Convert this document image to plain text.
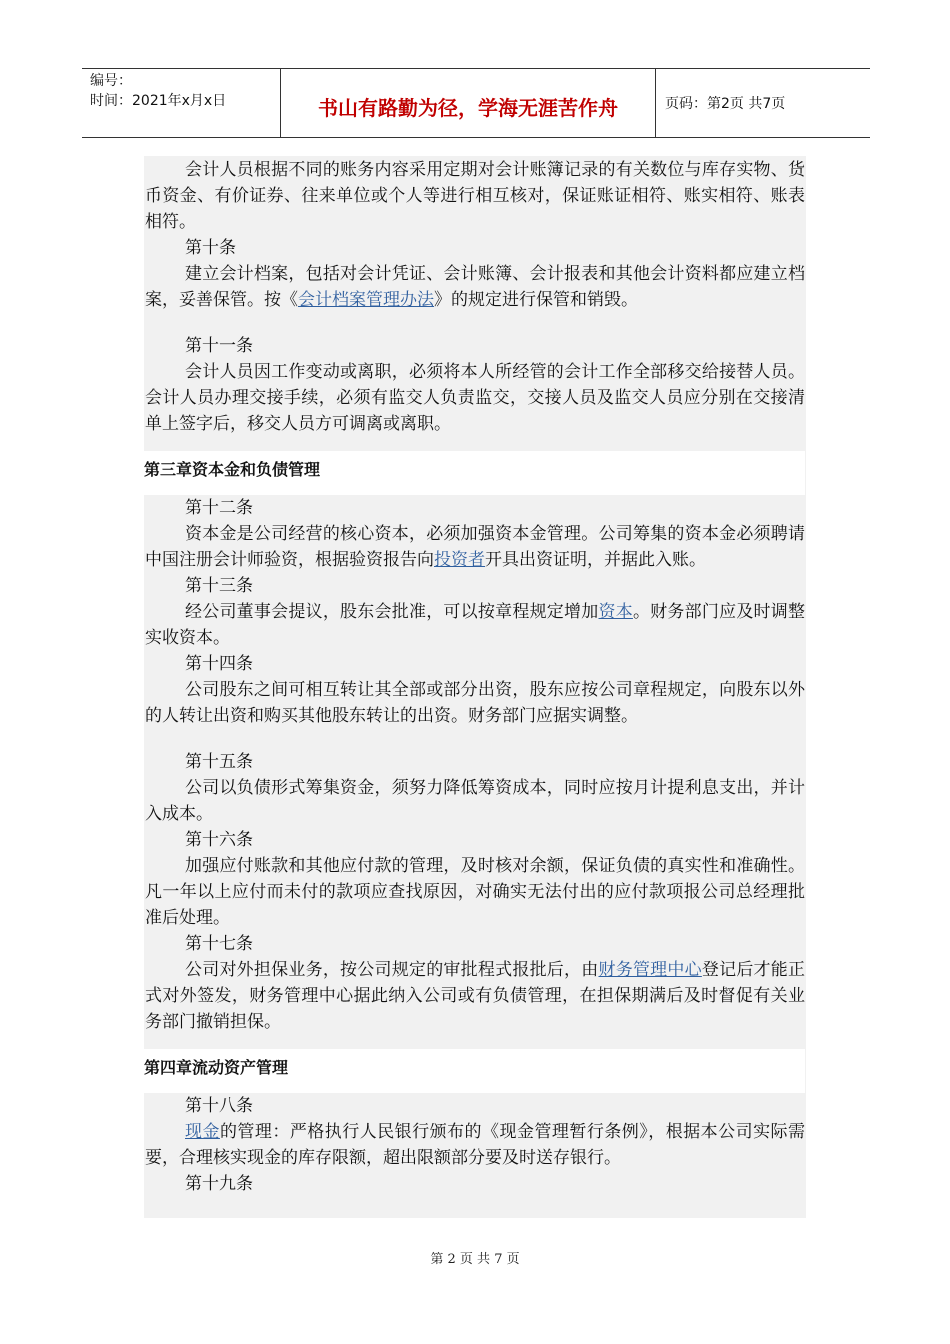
编号：
时间：2021年x月x日	书山有路勤为径，学海无涯苦作舟	页码：第2页 共7页

会计人员根据不同的账务内容采用定期对会计账簿记录的有关数位与库存实物、货币资金、有价证券、往来单位或个人等进行相互核对，保证账证相符、账实相符、账表相符。

第十条

建立会计档案，包括对会计凭证、会计账簿、会计报表和其他会计资料都应建立档案，妥善保管。按《会计档案管理办法》的规定进行保管和销毁。

第十一条

会计人员因工作变动或离职，必须将本人所经管的会计工作全部移交给接替人员。会计人员办理交接手续，必须有监交人负责监交，交接人员及监交人员应分别在交接清单上签字后，移交人员方可调离或离职。

第三章资本金和负债管理

第十二条

资本金是公司经营的核心资本，必须加强资本金管理。公司筹集的资本金必须聘请中国注册会计师验资，根据验资报告向投资者开具出资证明，并据此入账。

第十三条

经公司董事会提议，股东会批准，可以按章程规定增加资本。财务部门应及时调整实收资本。

第十四条

公司股东之间可相互转让其全部或部分出资，股东应按公司章程规定，向股东以外的人转让出资和购买其他股东转让的出资。财务部门应据实调整。

第十五条

公司以负债形式筹集资金，须努力降低筹资成本，同时应按月计提利息支出，并计入成本。

第十六条

加强应付账款和其他应付款的管理，及时核对余额，保证负债的真实性和准确性。凡一年以上应付而未付的款项应查找原因，对确实无法付出的应付款项报公司总经理批准后处理。

第十七条

公司对外担保业务，按公司规定的审批程式报批后，由财务管理中心登记后才能正式对外签发，财务管理中心据此纳入公司或有负债管理，在担保期满后及时督促有关业务部门撤销担保。

第四章流动资产管理

第十八条

现金的管理：严格执行人民银行颁布的《现金管理暂行条例》，根据本公司实际需要，合理核实现金的库存限额，超出限额部分要及时送存银行。

第十九条

第 2 页 共 7 页
